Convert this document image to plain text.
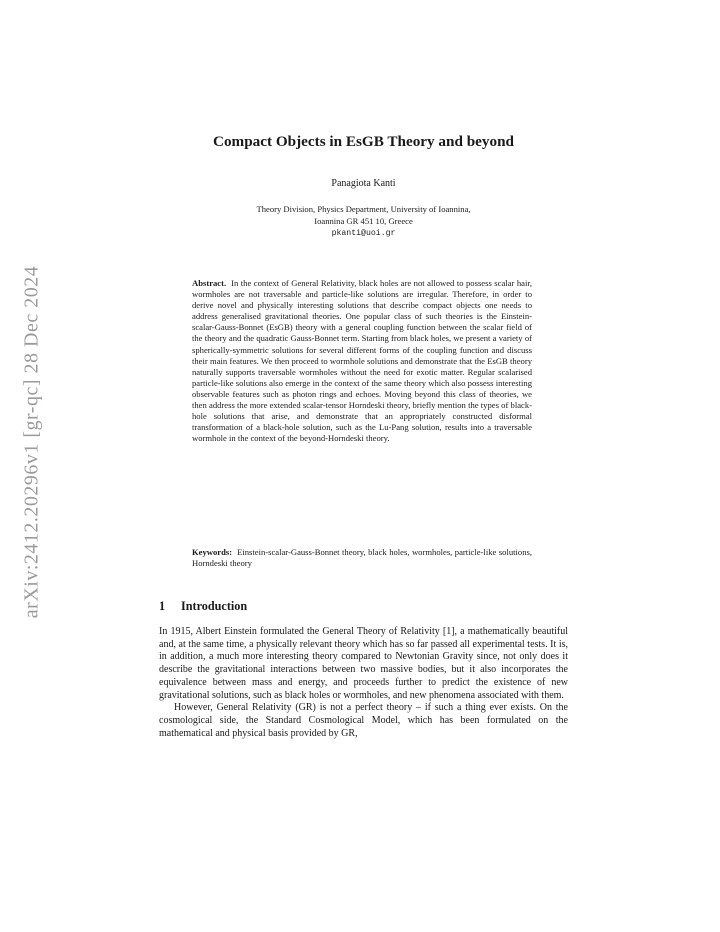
arXiv:2412.20296v1 [gr-qc] 28 Dec 2024
Compact Objects in EsGB Theory and beyond
Panagiota Kanti
Theory Division, Physics Department, University of Ioannina,
Ioannina GR 451 10, Greece
pkanti@uoi.gr

Abstract. In the context of General Relativity, black holes are not allowed to possess scalar hair, wormholes are not traversable and particle-like solutions are irregular. Therefore, in order to derive novel and physically interesting solutions that describe compact objects one needs to address generalised gravitational theories. One popular class of such theories is the Einstein-scalar-Gauss-Bonnet (EsGB) theory with a general coupling function between the scalar field of the theory and the quadratic Gauss-Bonnet term. Starting from black holes, we present a variety of spherically-symmetric solutions for several different forms of the coupling function and discuss their main features. We then proceed to wormhole solutions and demonstrate that the EsGB theory naturally supports traversable wormholes without the need for exotic matter. Regular scalarised particle-like solutions also emerge in the context of the same theory which also possess interesting observable features such as photon rings and echoes. Moving beyond this class of theories, we then address the more extended scalar-tensor Horndeski theory, briefly mention the types of black-hole solutions that arise, and demonstrate that an appropriately constructed disformal transformation of a black-hole solution, such as the Lu-Pang solution, results into a traversable wormhole in the context of the beyond-Horndeski theory.

Keywords: Einstein-scalar-Gauss-Bonnet theory, black holes, wormholes, particle-like solutions, Horndeski theory

1 Introduction

In 1915, Albert Einstein formulated the General Theory of Relativity [1], a mathematically beautiful and, at the same time, a physically relevant theory which has so far passed all experimental tests. It is, in addition, a much more interesting theory compared to Newtonian Gravity since, not only does it describe the gravitational interactions between two massive bodies, but it also incorporates the equivalence between mass and energy, and proceeds further to predict the existence of new gravitational solutions, such as black holes or wormholes, and new phenomena associated with them.

However, General Relativity (GR) is not a perfect theory – if such a thing ever exists. On the cosmological side, the Standard Cosmological Model, which has been formulated on the mathematical and physical basis provided by GR,
